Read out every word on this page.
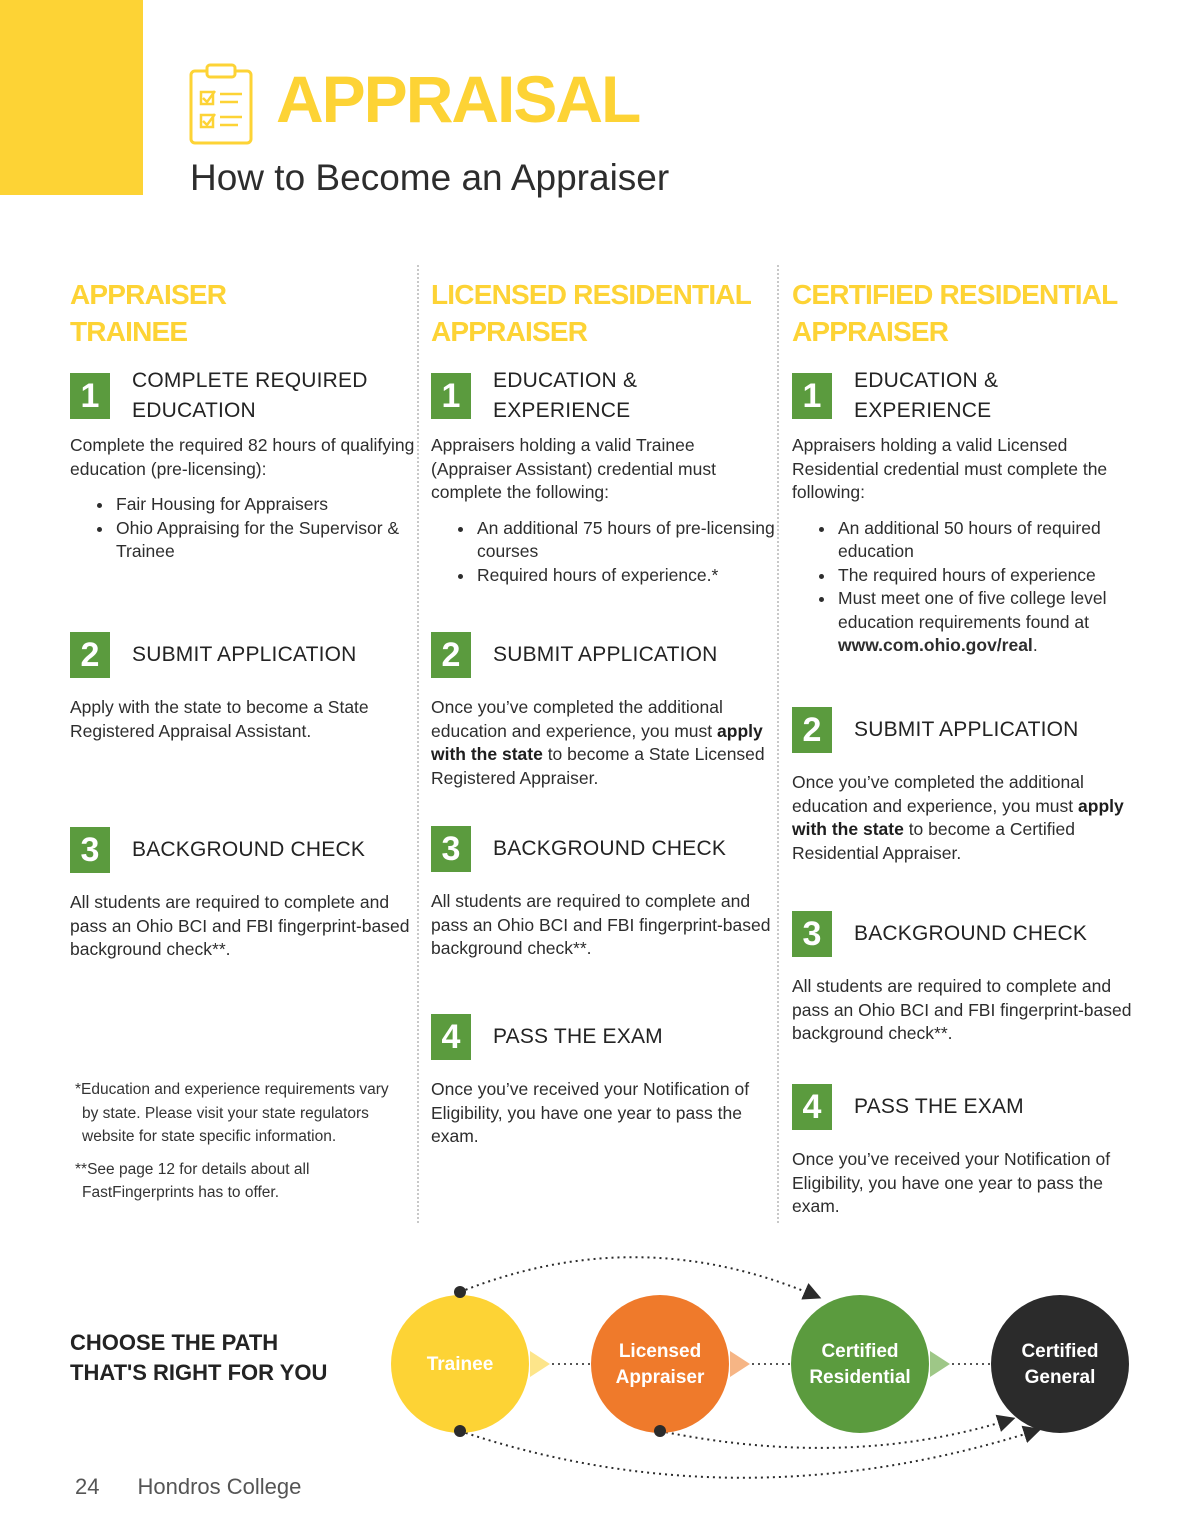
APPRAISAL
How to Become an Appraiser
APPRAISER
TRAINEE
1	COMPLETE REQUIRED
EDUCATION

Complete the required 82 hours of qualifying education (pre-licensing):

• Fair Housing for Appraisers
• Ohio Appraising for the Supervisor & Trainee
2	SUBMIT APPLICATION

Apply with the state to become a State Registered Appraisal Assistant.

3	BACKGROUND CHECK

All students are required to complete and pass an Ohio BCI and FBI fingerprint-based background check**.

LICENSED RESIDENTIAL
APPRAISER
1	EDUCATION &
EXPERIENCE

Appraisers holding a valid Trainee (Appraiser Assistant) credential must complete the following:

• An additional 75 hours of pre-licensing courses
• Required hours of experience.*
2	SUBMIT APPLICATION

Once you’ve completed the additional education and experience, you must apply with the state to become a State Licensed Registered Appraiser.

3	BACKGROUND CHECK

All students are required to complete and pass an Ohio BCI and FBI fingerprint-based background check**.

4	PASS THE EXAM

Once you’ve received your Notification of Eligibility, you have one year to pass the exam.

CERTIFIED RESIDENTIAL
APPRAISER
1	EDUCATION &
EXPERIENCE

Appraisers holding a valid Licensed Residential credential must complete the following:

• An additional 50 hours of required education
• The required hours of experience
• Must meet one of five college level education requirements found at www.com.ohio.gov/real.
2	SUBMIT APPLICATION

Once you’ve completed the additional education and experience, you must apply with the state to become a Certified Residential Appraiser.

3	BACKGROUND CHECK

All students are required to complete and pass an Ohio BCI and FBI fingerprint-based background check**.

4	PASS THE EXAM

Once you’ve received your Notification of Eligibility, you have one year to pass the exam.

*Education and experience requirements vary by state. Please visit your state regulators website for state specific information.

**See page 12 for details about all FastFingerprints has to offer.

CHOOSE THE PATH
THAT'S RIGHT FOR YOU	Trainee
Licensed
Appraiser
Certified
Residential
Certified
General
24 Hondros College
